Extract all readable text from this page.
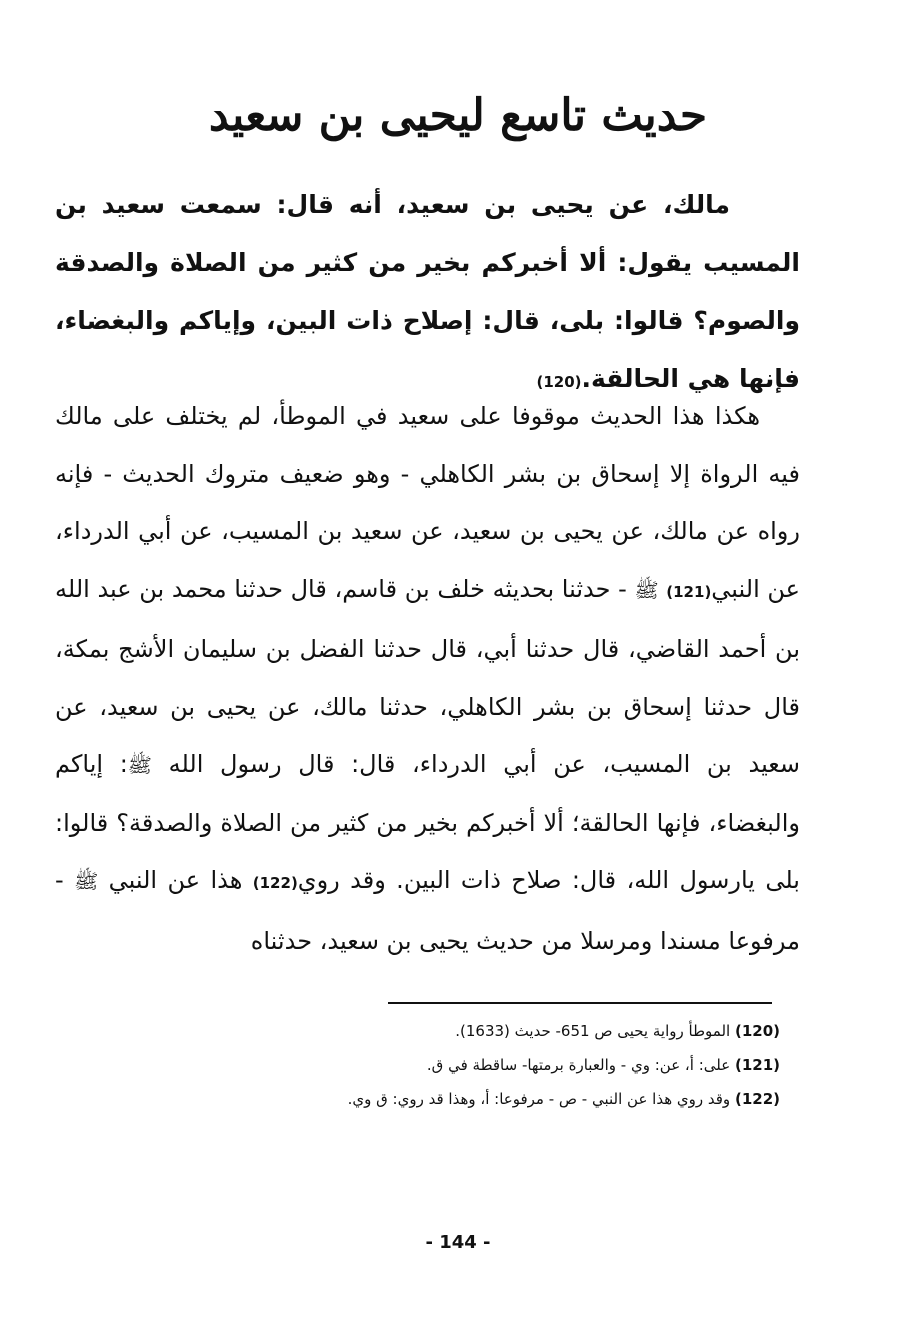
حديث تاسع ليحيى بن سعيد

مالك، عن يحيى بن سعيد، أنه قال: سمعت سعيد بن المسيب يقول: ألا أخبركم بخير من كثير من الصلاة والصدقة والصوم؟ قالوا: بلى، قال: إصلاح ذات البين، وإياكم والبغضاء، فإنها هي الحالقة.(120)

هكذا هذا الحديث موقوفا على سعيد في الموطأ، لم يختلف على مالك فيه الرواة إلا إسحاق بن بشر الكاهلي - وهو ضعيف متروك الحديث - فإنه رواه عن مالك، عن يحيى بن سعيد، عن سعيد بن المسيب، عن أبي الدرداء، عن النبي(121) ﷺ - حدثنا بحديثه خلف بن قاسم، قال حدثنا محمد بن عبد الله بن أحمد القاضي، قال حدثنا أبي، قال حدثنا الفضل بن سليمان الأشج بمكة، قال حدثنا إسحاق بن بشر الكاهلي، حدثنا مالك، عن يحيى بن سعيد، عن سعيد بن المسيب، عن أبي الدرداء، قال: قال رسول الله ﷺ: إياكم والبغضاء، فإنها الحالقة؛ ألا أخبركم بخير من كثير من الصلاة والصدقة؟ قالوا: بلى يارسول الله، قال: صلاح ذات البين. وقد روي(122) هذا عن النبي ﷺ - مرفوعا مسندا ومرسلا من حديث يحيى بن سعيد، حدثناه

(120) الموطأ رواية يحيى ص 651- حديث (1633).
(121) على: أ، عن: وي - والعبارة برمتها- ساقطة في ق.
(122) وقد روي هذا عن النبي - ص - مرفوعا: أ، وهذا قد روي: ق وي.
- 144 -
